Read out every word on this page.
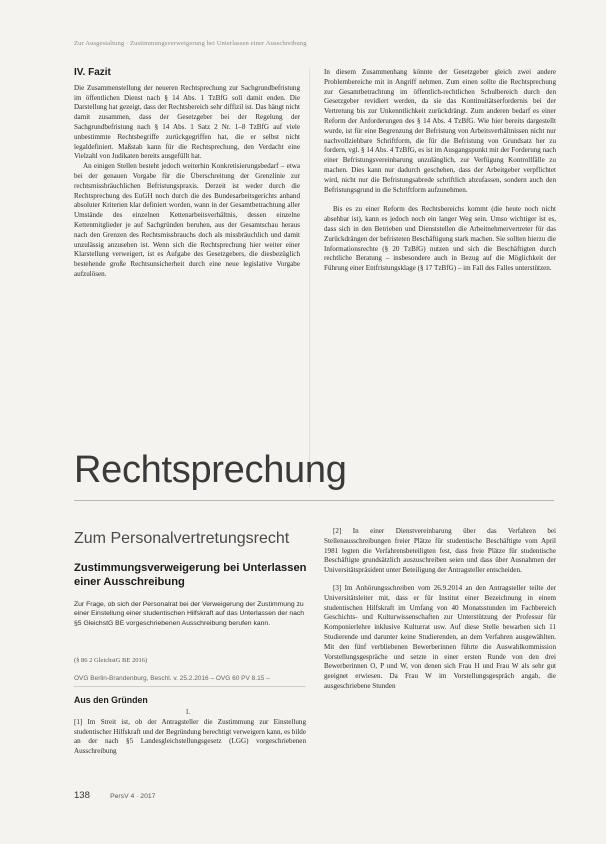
Zur Ausgestaltung · Zustimmungsverweigerung bei Unterlassen einer Ausschreibung
IV. Fazit

Die Zusammenstellung der neueren Rechtsprechung zur Sachgrundbefristung im öffentlichen Dienst nach § 14 Abs. 1 TzBfG soll damit enden. Die Darstellung hat gezeigt, dass der Rechtsbereich sehr diffizil ist. Das hängt nicht damit zusammen, dass der Gesetzgeber bei der Regelung der Sachgrundbefristung nach § 14 Abs. 1 Satz 2 Nr. 1–8 TzBfG auf viele unbestimmte Rechtsbegriffe zurückgegriffen hat, die er selbst nicht legaldefiniert. Maßstab kann für die Rechtsprechung, den Verdacht eine Vielzahl von Judikaten bereits ausgefüllt hat.

An einigen Stellen besteht jedoch weiterhin Konkretisierungsbedarf – etwa bei der genauen Vorgabe für die Überschreitung der Grenzlinie zur rechtsmissbräuchlichen Befristungspraxis. Derzeit ist weder durch die Rechtsprechung des EuGH noch durch die des Bundesarbeitsgerichts anhand absoluter Kriterien klar definiert worden, wann in der Gesamtbetrachtung aller Umstände des einzelnen Kettenarbeitsverhältnis, dessen einzelne Kettenmitglieder je auf Sachgründen beruhen, aus der Gesamtschau heraus nach den Grenzen des Rechtsmissbrauchs doch als missbräuchlich und damit unzulässig anzusehen ist. Wenn sich die Rechtsprechung hier weiter einer Klarstellung verweigert, ist es Aufgabe des Gesetzgebers, die diesbezüglich bestehende große Rechtsunsicherheit durch eine neue legislative Vorgabe aufzulösen.

In diesem Zusammenhang könnte der Gesetzgeber gleich zwei andere Problembereiche mit in Angriff nehmen. Zum einen sollte die Rechtsprechung zur Gesamtbetrachtung im öffentlich-rechtlichen Schulbereich durch den Gesetzgeber revidiert werden, da sie das Kontinuitätserfordernis bei der Vertretung bis zur Unkenntlichkeit zurückdrängt. Zum anderen bedarf es einer Reform der Anforderungen des § 14 Abs. 4 TzBfG. Wie hier bereits dargestellt wurde, ist für eine Begrenzung der Befristung von Arbeitsverhältnissen nicht nur nachvollziehbare Schriftform, die für die Befristung von Grundsatz her zu fordern, vgl. § 14 Abs. 4 TzBfG, es ist im Ausgangspunkt mit der Forderung nach einer Befristungsvereinbarung unzulänglich, zur Verfügung Kontrollfälle zu machen. Dies kann nur dadurch geschehen, dass der Arbeitgeber verpflichtet wird, nicht nur die Befristungsabrede schriftlich abzufassen, sondern auch den Befristungsgrund in die Schriftform aufzunehmen.

Bis es zu einer Reform des Rechtsbereichs kommt (die heute noch nicht absehbar ist), kann es jedoch noch ein langer Weg sein. Umso wichtiger ist es, dass sich in den Betrieben und Dienststellen die Arbeitnehmervertreter für das Zurückdrängen der befristeten Beschäftigung stark machen. Sie sollten hierzu die Informationsrechte (§ 20 TzBfG) nutzen und sich die Beschäftigten durch rechtliche Beratung – insbesondere auch in Bezug auf die Möglichkeit der Führung einer Entfristungsklage (§ 17 TzBfG) – im Fall des Falles unterstützen.

Rechtsprechung
Zum Personalvertretungsrecht
Zustimmungsverweigerung bei Unterlassen einer Ausschreibung
Zur Frage, ob sich der Personalrat bei der Verweigerung der Zustimmung zu einer Einstellung einer studentischen Hilfskraft auf das Unterlassen der nach §5 GleichstG BE vorgeschriebenen Ausschreibung berufen kann.
(§ 86 2 GleichstG BE 2016)
OVG Berlin-Brandenburg, Beschl. v. 25.2.2016 – OVG 60 PV 8.15 –
Aus den Gründen
I.
[1] Im Streit ist, ob der Antragsteller die Zustimmung zur Einstellung studentischer Hilfskraft und der Begründung berechtigt verweigern kann, es bilde an der nach §5 Landesgleichstellungsgesetz (LGG) vorgeschriebenen Ausschreibung

[2] In einer Dienstvereinbarung über das Verfahren bei Stellenausschreibungen freier Plätze für studentische Beschäftigte vom April 1981 legten die Verfahrensbeteiligten fest, dass freie Plätze für studentische Beschäftigte grundsätzlich auszuschreiben seien und dass über Ausnahmen der Universitätspräsident unter Beteiligung der Antragsteller entscheiden.

[3] Im Anhörungsschreiben vom 26.9.2014 an den Antragsteller teilte der Universitätsleiter mit, dass er für Institut einer Bezeichnung in einem studentischen Hilfskraft im Umfang von 40 Monatsstunden im Fachbereich Geschichts- und Kulturwissenschaften zur Unterstützung der Professur für Komponierlehre inklusive Kulturrat usw. Auf diese Stelle bewarben sich 11 Studierende und darunter keine Studierenden, an dem Verfahren ausgewählten. Mit den fünf verbliebenen Bewerberinnen führte die Auswahlkommission Vorstellungsgespräche und setzte in einer ersten Runde von den drei Bewerberinnen O, P und W, von denen sich Frau H und Frau W als sehr gut geeignet erwiesen. Da Frau W im Vorstellungsgespräch angab, die ausgeschriebene Stunden

138	PersV 4 · 2017
